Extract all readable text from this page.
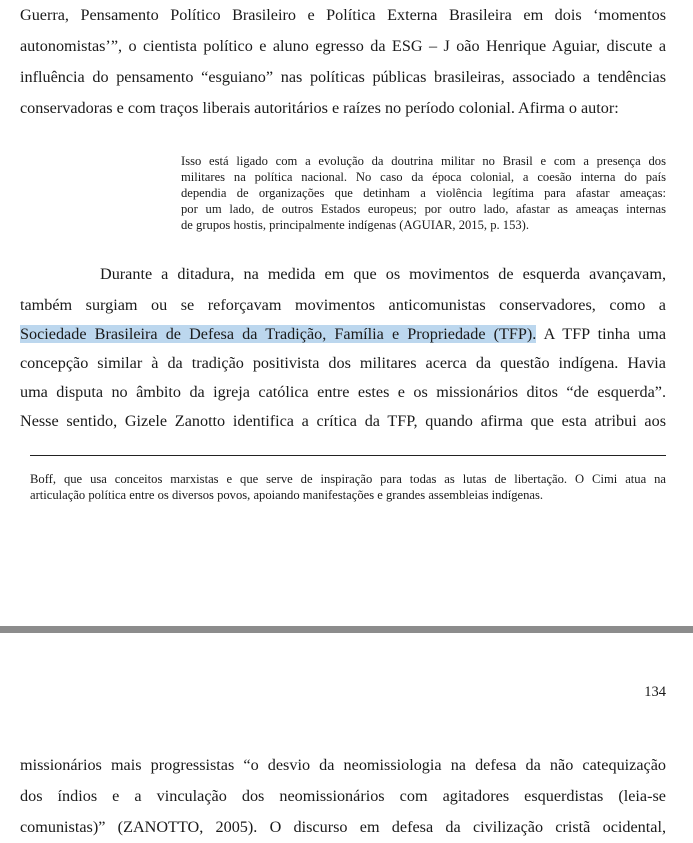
Guerra, Pensamento Político Brasileiro e Política Externa Brasileira em dois ‘momentos
autonomistas’”, o cientista político e aluno egresso da ESG – J oão Henrique Aguiar, discute a
influência do pensamento “esguiano” nas políticas públicas brasileiras, associado a tendências
conservadoras e com traços liberais autoritários e raízes no período colonial. Afirma o autor:
Isso está ligado com a evolução da doutrina militar no Brasil e com a presença dos
militares na política nacional. No caso da época colonial, a coesão interna do país
dependia de organizações que detinham a violência legítima para afastar ameaças:
por um lado, de outros Estados europeus; por outro lado, afastar as ameaças internas
de grupos hostis, principalmente indígenas (AGUIAR, 2015, p. 153).
Durante a ditadura, na medida em que os movimentos de esquerda avançavam,
também surgiam ou se reforçavam movimentos anticomunistas conservadores, como a
Sociedade Brasileira de Defesa da Tradição, Família e Propriedade (TFP). A TFP tinha uma
concepção similar à da tradição positivista dos militares acerca da questão indígena. Havia
uma disputa no âmbito da igreja católica entre estes e os missionários ditos “de esquerda”.
Nesse sentido, Gizele Zanotto identifica a crítica da TFP, quando afirma que esta atribui aos
Boff, que usa conceitos marxistas e que serve de inspiração para todas as lutas de libertação. O Cimi atua na
articulação política entre os diversos povos, apoiando manifestações e grandes assembleias indígenas.
134
missionários mais progressistas “o desvio da neomissiologia na defesa da não catequização
dos índios e a vinculação dos neomissionários com agitadores esquerdistas (leia-se
comunistas)” (ZANOTTO, 2005). O discurso em defesa da civilização cristã ocidental,
